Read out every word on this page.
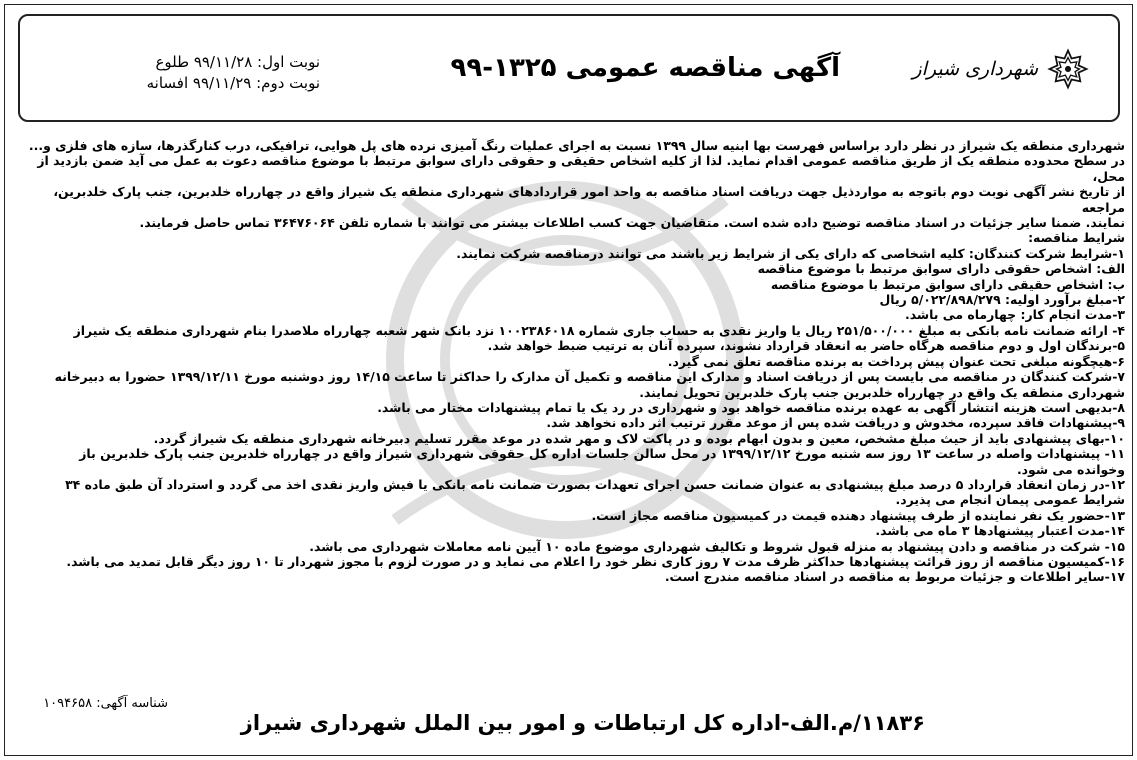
شهرداری شیراز
آگهی مناقصه عمومی ۱۳۲۵-۹۹
نوبت اول: ۹۹/۱۱/۲۸ طلوع
نوبت دوم: ۹۹/۱۱/۲۹ افسانه

شهرداری منطقه یک شیراز در نظر دارد براساس فهرست بها ابنیه سال ۱۳۹۹ نسبت به اجرای عملیات رنگ آمیزی نرده های پل هوایی، ترافیکی، درب کنارگذرها، سازه های فلزی و...

در سطح محدوده منطقه یک از طریق مناقصه عمومی اقدام نماید. لذا از کلیه اشخاص حقیقی و حقوقی دارای سوابق مرتبط با موضوع مناقصه دعوت به عمل می آید ضمن بازدید از محل،

از تاریخ نشر آگهی نوبت دوم باتوجه به مواردذیل جهت دریافت اسناد مناقصه به واحد امور قراردادهای شهرداری منطقه یک شیراز واقع در چهارراه خلدبرین، جنب پارک خلدبرین، مراجعه

نمایند. ضمنا سایر جزئیات در اسناد مناقصه توضیح داده شده است. متقاضیان جهت کسب اطلاعات بیشتر می توانند با شماره تلفن ۳۶۴۷۶۰۶۴ تماس حاصل فرمایند.

شرایط مناقصه:

۱-شرایط شرکت کنندگان: کلیه اشخاصی که دارای یکی از شرایط زیر باشند می توانند درمناقصه شرکت نمایند.

الف: اشخاص حقوقی دارای سوابق مرتبط با موضوع مناقصه

ب: اشخاص حقیقی دارای سوابق مرتبط با موضوع مناقصه

۲-مبلغ برآورد اولیه: ۵/۰۲۲/۸۹۸/۲۷۹ ریال

۳-مدت انجام کار: چهارماه می باشد.

۴- ارائه ضمانت نامه بانکی به مبلغ ۲۵۱/۵۰۰/۰۰۰ ریال یا واریز نقدی به حساب جاری شماره ۱۰۰۲۳۸۶۰۱۸ نزد بانک شهر شعبه چهارراه ملاصدرا بنام شهرداری منطقه یک شیراز

۵-برندگان اول و دوم مناقصه هرگاه حاضر به انعقاد قرارداد نشوند، سپرده آنان به ترتیب ضبط خواهد شد.

۶-هیچگونه مبلغی تحت عنوان پیش پرداخت به برنده مناقصه تعلق نمی گیرد.

۷-شرکت کنندگان در مناقصه می بایست پس از دریافت اسناد و مدارک این مناقصه و تکمیل آن مدارک را حداکثر تا ساعت ۱۴/۱۵ روز دوشنبه مورخ ۱۳۹۹/۱۲/۱۱ حضورا به دبیرخانه

شهرداری منطقه یک واقع در چهارراه خلدبرین جنب پارک خلدبرین تحویل نمایند.

۸-بدیهی است هزینه انتشار آگهی به عهده برنده مناقصه خواهد بود و شهرداری در رد یک یا تمام پیشنهادات مختار می باشد.

۹-پیشنهادات فاقد سپرده، مخدوش و دریافت شده پس از موعد مقرر ترتیب اثر داده نخواهد شد.

۱۰-بهای پیشنهادی باید از حیث مبلغ مشخص، معین و بدون ابهام بوده و در پاکت لاک و مهر شده در موعد مقرر تسلیم دبیرخانه شهرداری منطقه یک شیراز گردد.

۱۱- پیشنهادات واصله در ساعت ۱۳ روز سه شنبه مورخ ۱۳۹۹/۱۲/۱۲ در محل سالن جلسات اداره کل حقوقی شهرداری شیراز واقع در چهارراه خلدبرین جنب پارک خلدبرین باز

وخوانده می شود.

۱۲-در زمان انعقاد قرارداد ۵ درصد مبلغ پیشنهادی به عنوان ضمانت حسن اجرای تعهدات بصورت ضمانت نامه بانکی یا فیش واریز نقدی اخذ می گردد و استرداد آن طبق ماده ۳۴

شرایط عمومی پیمان انجام می پذیرد.

۱۳-حضور یک نفر نماینده از طرف پیشنهاد دهنده قیمت در کمیسیون مناقصه مجاز است.

۱۴-مدت اعتبار پیشنهادها ۳ ماه می باشد.

۱۵- شرکت در مناقصه و دادن پیشنهاد به منزله قبول شروط و تکالیف شهرداری موضوع ماده ۱۰ آیین نامه معاملات شهرداری می باشد.

۱۶-کمیسیون مناقصه از روز قرائت پیشنهادها حداکثر ظرف مدت ۷ روز کاری نظر خود را اعلام می نماید و در صورت لزوم با مجوز شهردار تا ۱۰ روز دیگر قابل تمدید می باشد.

۱۷-سایر اطلاعات و جزئیات مربوط به مناقصه در اسناد مناقصه مندرج است.

شناسه آگهی: ۱۰۹۴۶۵۸
۱۱۸۳۶/م.الف-اداره کل ارتباطات و امور بین الملل شهرداری شیراز
